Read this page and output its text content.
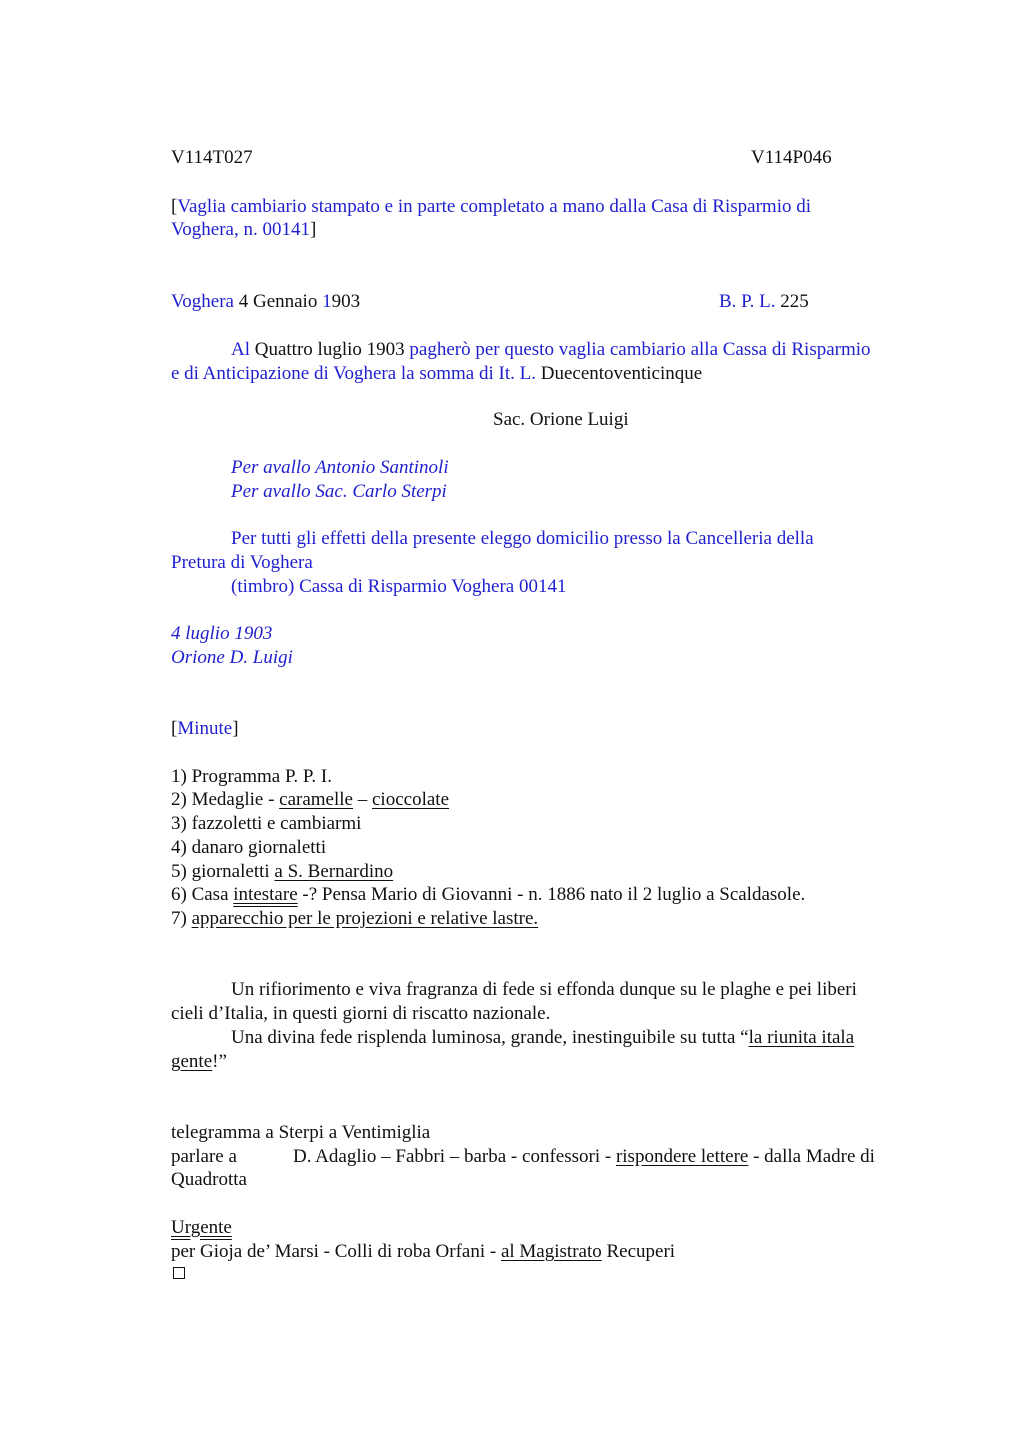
V114T027	V114P046
[Vaglia cambiario stampato e in parte completato a mano dalla Casa di Risparmio di
Voghera, n. 00141]
Voghera 4 Gennaio 1903	B. P. L. 225
Al Quattro luglio 1903 pagherò per questo vaglia cambiario alla Cassa di Risparmio
e di Anticipazione di Voghera la somma di It. L. Duecentoventicinque
Sac. Orione Luigi
Per avallo Antonio Santinoli
Per avallo Sac. Carlo Sterpi
Per tutti gli effetti della presente eleggo domicilio presso la Cancelleria della
Pretura di Voghera
(timbro) Cassa di Risparmio Voghera 00141
4 luglio 1903
Orione D. Luigi
[Minute]
1) Programma P. P. I.
2) Medaglie - caramelle – cioccolate
3) fazzoletti e cambiarmi
4) danaro giornaletti
5) giornaletti a S. Bernardino
6) Casa intestare -? Pensa Mario di Giovanni - n. 1886 nato il 2 luglio a Scaldasole.
7) apparecchio per le projezioni e relative lastre.
Un rifiorimento e viva fragranza di fede si effonda dunque su le plaghe e pei liberi
cieli d’Italia, in questi giorni di riscatto nazionale.
Una divina fede risplenda luminosa, grande, inestinguibile su tutta “la riunita itala
gente!”
telegramma a Sterpi a Ventimiglia
parlare a	D. Adaglio – Fabbri – barba - confessori - rispondere lettere - dalla Madre di
Quadrotta
Urgente
per Gioja de’ Marsi - Colli di roba Orfani - al Magistrato Recuperi
